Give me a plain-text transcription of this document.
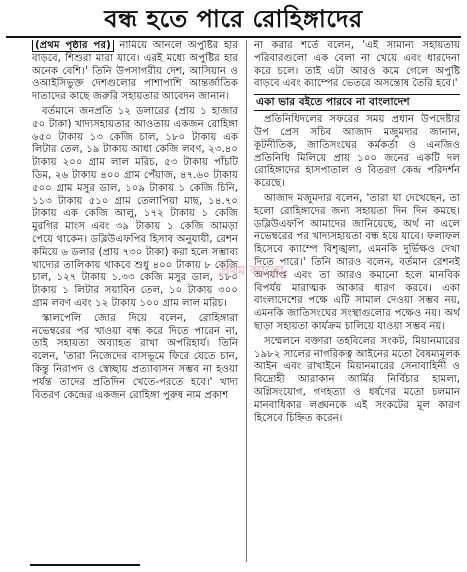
বন্ধ হতে পারে রোহিঙ্গাদের

(প্রথম পৃষ্ঠার পর) নামিয়ে আনলে অপুষ্টির হার বাড়বে, শিশুরা মারা যাবে। এরই মধ্যে অপুষ্টির হার অনেক বেশি।' তিনি উপসাগরীয় দেশ, আসিয়ান ও ওআইসিভুক্ত দেশগুলোর পাশাপাশি আন্তর্জাতিক দাতাদের কাছে জরুরি সহায়তার আবেদন জানান।

বর্তমানে জনপ্রতি ১২ ডলারের (প্রায় ১ হাজার ৫০ টাকা) খাদ্যসহায়তার আওতায় একজন রোহিঙ্গা ৬৫০ টাকায় ১৩ কেজি চাল, ১৮০ টাকায় এক লিটার তেল, ১৯ টাকায় আধা কেজি লবণ, ২৩.৪০ টাকায় ২০০ গ্রাম লাল মরিচ, ৫৩ টাকায় পাঁচটি ডিম, ২৬ টাকায় ৪০০ গ্রাম পেঁয়াজ, ৪৭.৬০ টাকায় ৫০০ গ্রাম মসুর ডাল, ১০৯ টাকায় ১ কেজি চিনি, ১১৩ টাকায় ৫১০ গ্রাম তেলাপিয়া মাছ, ১৪.৭০ টাকায় এক কেজি আলু, ১৭২ টাকায় ১ কেজি মুরগির মাংস এবং ৩৯ টাকায় ১ কেজি আমড়া পেয়ে থাকেন। ডব্লিউএফপির হিসাব অনুযায়ী, রেশন কমিয়ে ৬ ডলার (প্রায় ৭৩০ টাকা) করা হলে সম্ভাব্য খাদ্যের তালিকায় থাকবে শুধু ৪০০ টাকায় ৮ কেজি চাল, ১২৭ টাকায় ১.৩৩ কেজি মসুর ডাল, ১৮০ টাকায় ১ লিটার সয়াবিন তেল, ১০ টাকায় ৩০০ গ্রাম লবণ এবং ১২ টাকায় ১০০ গ্রাম লাল মরিচ।

স্কালপেলি জোর দিয়ে বলেন, রোহিঙ্গারা নভেম্বরের পর খাওয়া বন্ধ করে দিতে পারেন না, তাই সহায়তা অব্যাহত রাখা অপরিহার্য। তিনি বলেন, 'তারা নিজেদের বাসভূমে ফিরে যেতে চান, কিন্তু নিরাপদ ও স্বেচ্ছায় প্রত্যাবাসন সম্ভব না হওয়া পর্যন্ত তাদের প্রতিদিন খেতে-পরতে হবে।' খাদ্য বিতরণ কেন্দ্রের একজন রোহিঙ্গা পুরুষ নাম প্রকাশ

না করার শর্তে বলেন, 'এই সামান্য সহায়তায় পরিবারগুলো এক বেলা না খেয়ে এবং ধারদেনা করে চলে। তাই এটা আরও কমে গেলে অপুষ্টি বাড়বে এবং ক্যাম্পের ভেতরে অসন্তোষ তৈরি হবে।'

একা ভার বইতে পারবে না বাংলাদেশ

প্রতিনিধিদলের সফরের সময় প্রধান উপদেষ্টার উপ প্রেস সচিব আজাদ মজুমদার জানান, কূটনীতিক, জাতিসংঘের কর্মকর্তা ও এনজিও প্রতিনিধি মিলিয়ে প্রায় ১০০ জনের একটি দল রোহিঙ্গাদের হাসপাতাল ও বিতরণ কেন্দ্র পরিদর্শন করেছে।

আজাদ মজুমদার বলেন, 'তারা যা দেখেছেন, তা হলো রোহিঙ্গাদের জন্য সহায়তা দিন দিন কমছে। ডব্লিউএফপি আমাদের জানিয়েছে, অর্থ না এলে নভেম্বরের পর খাদ্যসহায়তা বন্ধ হয়ে যাবে। ফলাফল হিসেবে ক্যাম্পে বিশৃঙ্খলা, এমনকি দুর্ভিক্ষও দেখা দিতে পারে।' তিনি আরও বলেন, বর্তমান রেশনই অপর্যাপ্ত এবং তা আরও কমানো হলে মানবিক বিপর্যয় মারাত্মক আকার ধারণ করবে। একা বাংলাদেশের পক্ষে এটি সামাল দেওয়া সম্ভব নয়, এমনকি জাতিসংঘের সংস্থাগুলোর পক্ষেও নয়। অর্থ ছাড়া সহায়তা কার্যক্রম চালিয়ে যাওয়া সম্ভব নয়।

সম্মেলনে বক্তারা তহবিলের সংকট, মিয়ানমারের ১৯৮২ সালের নাগরিকত্ব আইনের মতো বৈষম্যমূলক আইন এবং রাখাইনে মিয়ানমারের সেনাবাহিনী ও বিদ্রোহী আরাকান আর্মির নির্বিচার হামলা, অগ্নিসংযোগ, গণহত্যা ও ধর্ষণের মতো চলমান মানবাধিকার লঙ্ঘনকে এই সংকটের মূল কারণ হিসেবে চিহ্নিত করেন।

প্রথম আলো
